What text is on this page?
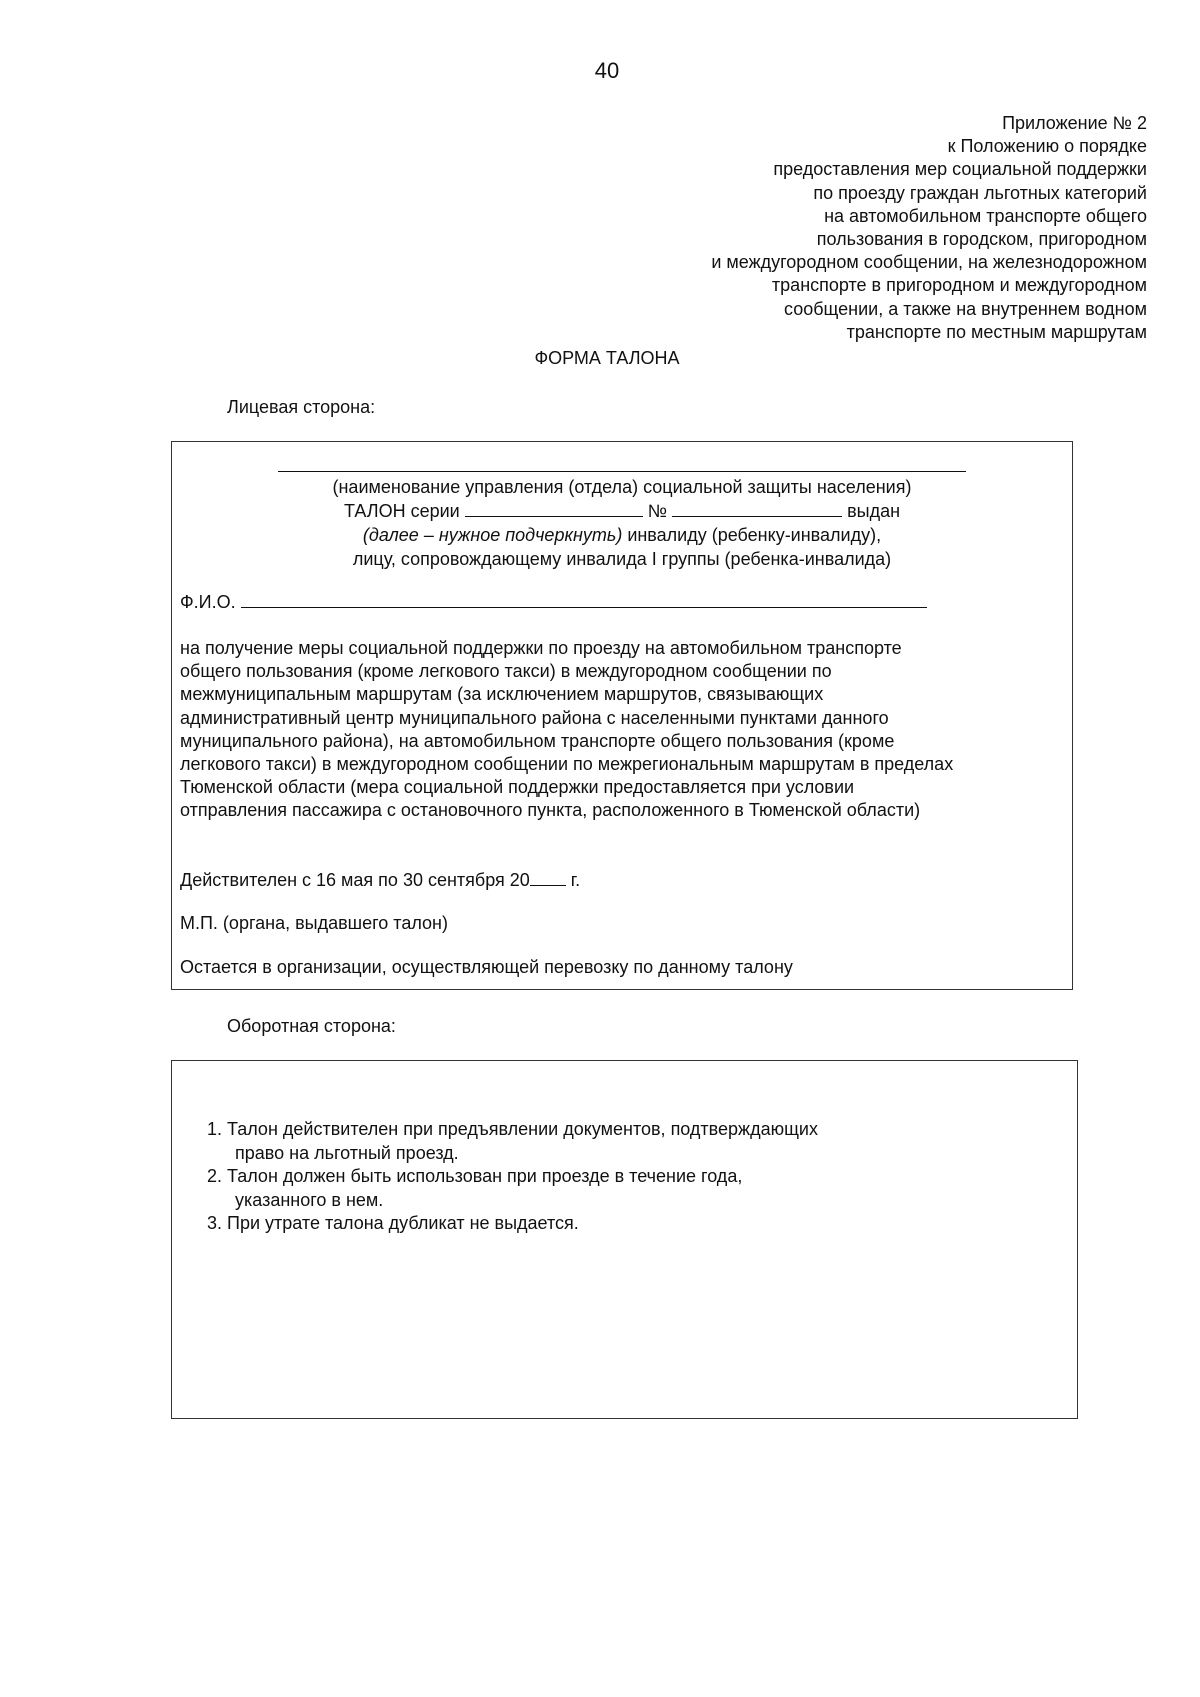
40
Приложение № 2
к Положению о порядке
предоставления мер социальной поддержки
по проезду граждан льготных категорий
на автомобильном транспорте общего
пользования в городском, пригородном
и междугородном сообщении, на железнодорожном
транспорте в пригородном и междугородном
сообщении, а также на внутреннем водном
транспорте по местным маршрутам
ФОРМА ТАЛОНА
Лицевая сторона:
(наименование управления (отдела) социальной защиты населения)
ТАЛОН серии	№	выдан
(далее – нужное подчеркнуть) инвалиду (ребенку-инвалиду),
лицу, сопровождающему инвалида I группы (ребенка-инвалида)
Ф.И.О.
на получение меры социальной поддержки по проезду на автомобильном транспорте
общего пользования (кроме легкового такси) в междугородном сообщении по
межмуниципальным маршрутам (за исключением маршрутов, связывающих
административный центр муниципального района с населенными пунктами данного
муниципального района), на автомобильном транспорте общего пользования (кроме
легкового такси) в междугородном сообщении по межрегиональным маршрутам в пределах
Тюменской области (мера социальной поддержки предоставляется при условии
отправления пассажира с остановочного пункта, расположенного в Тюменской области)
Действителен с 16 мая по 30 сентября 20 г.
М.П. (органа, выдавшего талон)
Остается в организации, осуществляющей перевозку по данному талону
Оборотная сторона:
1. Талон действителен при предъявлении документов, подтверждающих
право на льготный проезд.
2. Талон должен быть использован при проезде в течение года,
указанного в нем.
3. При утрате талона дубликат не выдается.
